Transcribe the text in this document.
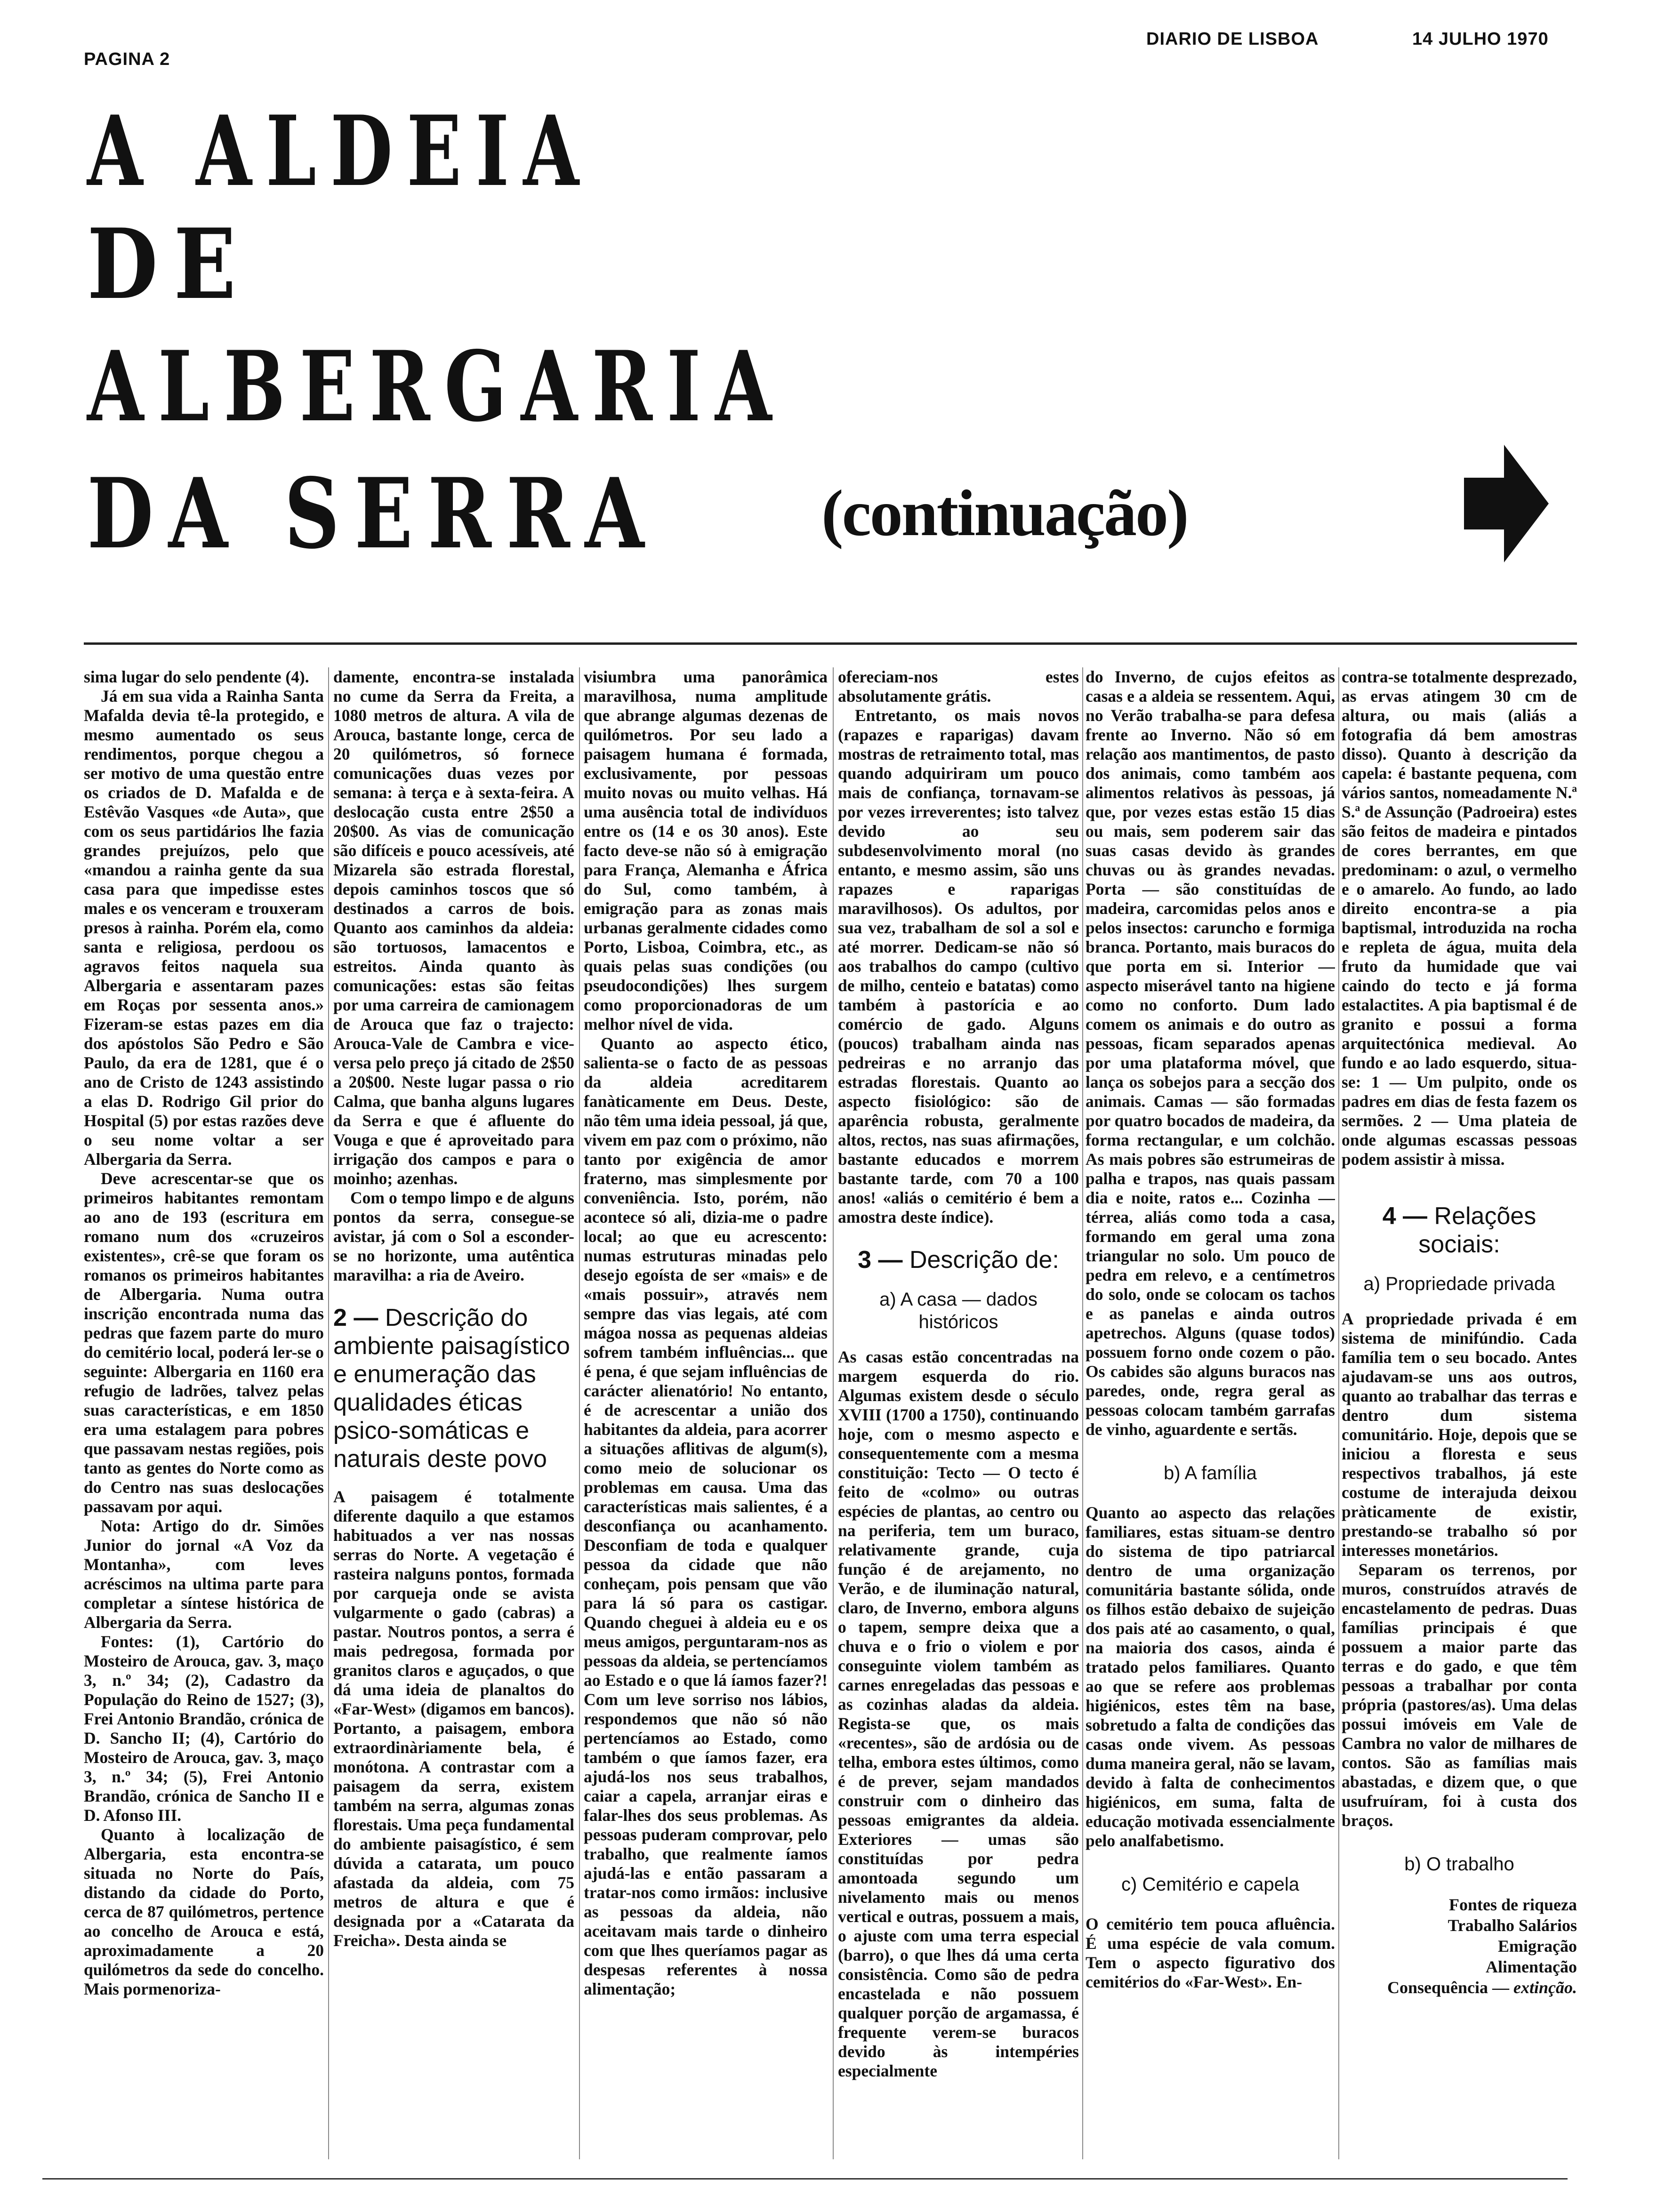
PAGINA 2
DIARIO DE LISBOA	14 JULHO 1970
A ALDEIA
DE
ALBERGARIA
DA SERRA (continuação)

sima lugar do selo pendente (4).

Já em sua vida a Rainha Santa Mafalda devia tê-la protegido, e mesmo aumentado os seus rendimentos, porque chegou a ser motivo de uma questão entre os criados de D. Mafalda e de Estêvão Vasques «de Auta», que com os seus partidários lhe fazia grandes prejuízos, pelo que «mandou a rainha gente da sua casa para que impedisse estes males e os venceram e trouxeram presos à rainha. Porém ela, como santa e religiosa, perdoou os agravos feitos naquela sua Albergaria e assentaram pazes em Roças por sessenta anos.» Fizeram-se estas pazes em dia dos apóstolos São Pedro e São Paulo, da era de 1281, que é o ano de Cristo de 1243 assistindo a elas D. Rodrigo Gil prior do Hospital (5) por estas razões deve o seu nome voltar a ser Albergaria da Serra.

Deve acrescentar-se que os primeiros habitantes remontam ao ano de 193 (escritura em romano num dos «cruzeiros existentes», crê-se que foram os romanos os primeiros habitantes de Albergaria. Numa outra inscrição encontrada numa das pedras que fazem parte do muro do cemitério local, poderá ler-se o seguinte: Albergaria en 1160 era refugio de ladrões, talvez pelas suas características, e em 1850 era uma estalagem para pobres que passavam nestas regiões, pois tanto as gentes do Norte como as do Centro nas suas deslocações passavam por aqui.

Nota: Artigo do dr. Simões Junior do jornal «A Voz da Montanha», com leves acréscimos na ultima parte para completar a síntese histórica de Albergaria da Serra.

Fontes: (1), Cartório do Mosteiro de Arouca, gav. 3, maço 3, n.º 34; (2), Cadastro da População do Reino de 1527; (3), Frei Antonio Brandão, crónica de D. Sancho II; (4), Cartório do Mosteiro de Arouca, gav. 3, maço 3, n.º 34; (5), Frei Antonio Brandão, crónica de Sancho II e D. Afonso III.

Quanto à localização de Albergaria, esta encontra-se situada no Norte do País, distando da cidade do Porto, cerca de 87 quilómetros, pertence ao concelho de Arouca e está, aproximadamente a 20 quilómetros da sede do concelho. Mais pormenoriza-

damente, encontra-se instalada no cume da Serra da Freita, a 1080 metros de altura. A vila de Arouca, bastante longe, cerca de 20 quilómetros, só fornece comunicações duas vezes por semana: à terça e à sexta-feira. A deslocação custa entre 2$50 a 20$00. As vias de comunicação são difíceis e pouco acessíveis, até Mizarela são estrada florestal, depois caminhos toscos que só destinados a carros de bois. Quanto aos caminhos da aldeia: são tortuosos, lamacentos e estreitos. Ainda quanto às comunicações: estas são feitas por uma carreira de camionagem de Arouca que faz o trajecto: Arouca-Vale de Cambra e vice-versa pelo preço já citado de 2$50 a 20$00. Neste lugar passa o rio Calma, que banha alguns lugares da Serra e que é afluente do Vouga e que é aproveitado para irrigação dos campos e para o moinho; azenhas.

Com o tempo limpo e de alguns pontos da serra, consegue-se avistar, já com o Sol a esconder-se no horizonte, uma autêntica maravilha: a ria de Aveiro.

2 — Descrição do ambiente paisagístico e enumeração das qualidades éticas psico-somáticas e naturais deste povo

A paisagem é totalmente diferente daquilo a que estamos habituados a ver nas nossas serras do Norte. A vegetação é rasteira nalguns pontos, formada por carqueja onde se avista vulgarmente o gado (cabras) a pastar. Noutros pontos, a serra é mais pedregosa, formada por granitos claros e aguçados, o que dá uma ideia de planaltos do «Far-West» (digamos em bancos). Portanto, a paisagem, embora extraordinàriamente bela, é monótona. A contrastar com a paisagem da serra, existem também na serra, algumas zonas florestais. Uma peça fundamental do ambiente paisagístico, é sem dúvida a catarata, um pouco afastada da aldeia, com 75 metros de altura e que é designada por a «Catarata da Freicha». Desta ainda se

visiumbra uma panorâmica maravilhosa, numa amplitude que abrange algumas dezenas de quilómetros. Por seu lado a paisagem humana é formada, exclusivamente, por pessoas muito novas ou muito velhas. Há uma ausência total de indivíduos entre os (14 e os 30 anos). Este facto deve-se não só à emigração para França, Alemanha e África do Sul, como também, à emigração para as zonas mais urbanas geralmente cidades como Porto, Lisboa, Coimbra, etc., as quais pelas suas condições (ou pseudocondições) lhes surgem como proporcionadoras de um melhor nível de vida.

Quanto ao aspecto ético, salienta-se o facto de as pessoas da aldeia acreditarem fanàticamente em Deus. Deste, não têm uma ideia pessoal, já que, vivem em paz com o próximo, não tanto por exigência de amor fraterno, mas simplesmente por conveniência. Isto, porém, não acontece só ali, dizia-me o padre local; ao que eu acrescento: numas estruturas minadas pelo desejo egoísta de ser «mais» e de «mais possuir», através nem sempre das vias legais, até com mágoa nossa as pequenas aldeias sofrem também influências... que é pena, é que sejam influências de carácter alienatório! No entanto, é de acrescentar a união dos habitantes da aldeia, para acorrer a situações aflitivas de algum(s), como meio de solucionar os problemas em causa. Uma das características mais salientes, é a desconfiança ou acanhamento. Desconfiam de toda e qualquer pessoa da cidade que não conheçam, pois pensam que vão para lá só para os castigar. Quando cheguei à aldeia eu e os meus amigos, perguntaram-nos as pessoas da aldeia, se pertencíamos ao Estado e o que lá íamos fazer?! Com um leve sorriso nos lábios, respondemos que não só não pertencíamos ao Estado, como também o que íamos fazer, era ajudá-los nos seus trabalhos, caiar a capela, arranjar eiras e falar-lhes dos seus problemas. As pessoas puderam comprovar, pelo trabalho, que realmente íamos ajudá-las e então passaram a tratar-nos como irmãos: inclusive as pessoas da aldeia, não aceitavam mais tarde o dinheiro com que lhes queríamos pagar as despesas referentes à nossa alimentação;

ofereciam-nos estes absolutamente grátis.

Entretanto, os mais novos (rapazes e raparigas) davam mostras de retraimento total, mas quando adquiriram um pouco mais de confiança, tornavam-se por vezes irreverentes; isto talvez devido ao seu subdesenvolvimento moral (no entanto, e mesmo assim, são uns rapazes e raparigas maravilhosos). Os adultos, por sua vez, trabalham de sol a sol e até morrer. Dedicam-se não só aos trabalhos do campo (cultivo de milho, centeio e batatas) como também à pastorícia e ao comércio de gado. Alguns (poucos) trabalham ainda nas pedreiras e no arranjo das estradas florestais. Quanto ao aspecto fisiológico: são de aparência robusta, geralmente altos, rectos, nas suas afirmações, bastante educados e morrem bastante tarde, com 70 a 100 anos! «aliás o cemitério é bem a amostra deste índice).

3 — Descrição de:
a) A casa — dados históricos

As casas estão concentradas na margem esquerda do rio. Algumas existem desde o século XVIII (1700 a 1750), continuando hoje, com o mesmo aspecto e consequentemente com a mesma constituição: Tecto — O tecto é feito de «colmo» ou outras espécies de plantas, ao centro ou na periferia, tem um buraco, relativamente grande, cuja função é de arejamento, no Verão, e de iluminação natural, claro, de Inverno, embora alguns o tapem, sempre deixa que a chuva e o frio o violem e por conseguinte violem também as carnes enregeladas das pessoas e as cozinhas aladas da aldeia. Regista-se que, os mais «recentes», são de ardósia ou de telha, embora estes últimos, como é de prever, sejam mandados construir com o dinheiro das pessoas emigrantes da aldeia. Exteriores — umas são constituídas por pedra amontoada segundo um nivelamento mais ou menos vertical e outras, possuem a mais, o ajuste com uma terra especial (barro), o que lhes dá uma certa consistência. Como são de pedra encastelada e não possuem qualquer porção de argamassa, é frequente verem-se buracos devido às intempéries especialmente

do Inverno, de cujos efeitos as casas e a aldeia se ressentem. Aqui, no Verão trabalha-se para defesa frente ao Inverno. Não só em relação aos mantimentos, de pasto dos animais, como também aos alimentos relativos às pessoas, já que, por vezes estas estão 15 dias ou mais, sem poderem sair das suas casas devido às grandes chuvas ou às grandes nevadas. Porta — são constituídas de madeira, carcomidas pelos anos e pelos insectos: caruncho e formiga branca. Portanto, mais buracos do que porta em si. Interior — aspecto miserável tanto na higiene como no conforto. Dum lado comem os animais e do outro as pessoas, ficam separados apenas por uma plataforma móvel, que lança os sobejos para a secção dos animais. Camas — são formadas por quatro bocados de madeira, da forma rectangular, e um colchão. As mais pobres são estrumeiras de palha e trapos, nas quais passam dia e noite, ratos e... Cozinha — térrea, aliás como toda a casa, formando em geral uma zona triangular no solo. Um pouco de pedra em relevo, e a centímetros do solo, onde se colocam os tachos e as panelas e ainda outros apetrechos. Alguns (quase todos) possuem forno onde cozem o pão. Os cabides são alguns buracos nas paredes, onde, regra geral as pessoas colocam também garrafas de vinho, aguardente e sertãs.

b) A família

Quanto ao aspecto das relações familiares, estas situam-se dentro do sistema de tipo patriarcal dentro de uma organização comunitária bastante sólida, onde os filhos estão debaixo de sujeição dos pais até ao casamento, o qual, na maioria dos casos, ainda é tratado pelos familiares. Quanto ao que se refere aos problemas higiénicos, estes têm na base, sobretudo a falta de condições das casas onde vivem. As pessoas duma maneira geral, não se lavam, devido à falta de conhecimentos higiénicos, em suma, falta de educação motivada essencialmente pelo analfabetismo.

c) Cemitério e capela

O cemitério tem pouca afluência. É uma espécie de vala comum. Tem o aspecto figurativo dos cemitérios do «Far-West». En-

contra-se totalmente desprezado, as ervas atingem 30 cm de altura, ou mais (aliás a fotografia dá bem amostras disso). Quanto à descrição da capela: é bastante pequena, com vários santos, nomeadamente N.ª S.ª de Assunção (Padroeira) estes são feitos de madeira e pintados de cores berrantes, em que predominam: o azul, o vermelho e o amarelo. Ao fundo, ao lado direito encontra-se a pia baptismal, introduzida na rocha e repleta de água, muita dela fruto da humidade que vai caindo do tecto e já forma estalactites. A pia baptismal é de granito e possui a forma arquitectónica medieval. Ao fundo e ao lado esquerdo, situa-se: 1 — Um pulpito, onde os padres em dias de festa fazem os sermões. 2 — Uma plateia de onde algumas escassas pessoas podem assistir à missa.

4 — Relações sociais:
a) Propriedade privada

A propriedade privada é em sistema de minifúndio. Cada família tem o seu bocado. Antes ajudavam-se uns aos outros, quanto ao trabalhar das terras e dentro dum sistema comunitário. Hoje, depois que se iniciou a floresta e seus respectivos trabalhos, já este costume de interajuda deixou pràticamente de existir, prestando-se trabalho só por interesses monetários.

Separam os terrenos, por muros, construídos através de encastelamento de pedras. Duas famílias principais é que possuem a maior parte das terras e do gado, e que têm pessoas a trabalhar por conta própria (pastores/as). Uma delas possui imóveis em Vale de Cambra no valor de milhares de contos. São as famílias mais abastadas, e dizem que, o que usufruíram, foi à custa dos braços.

b) O trabalho

Fontes de riqueza

Trabalho Salários
Emigração

Alimentação

Consequência — extinção.
